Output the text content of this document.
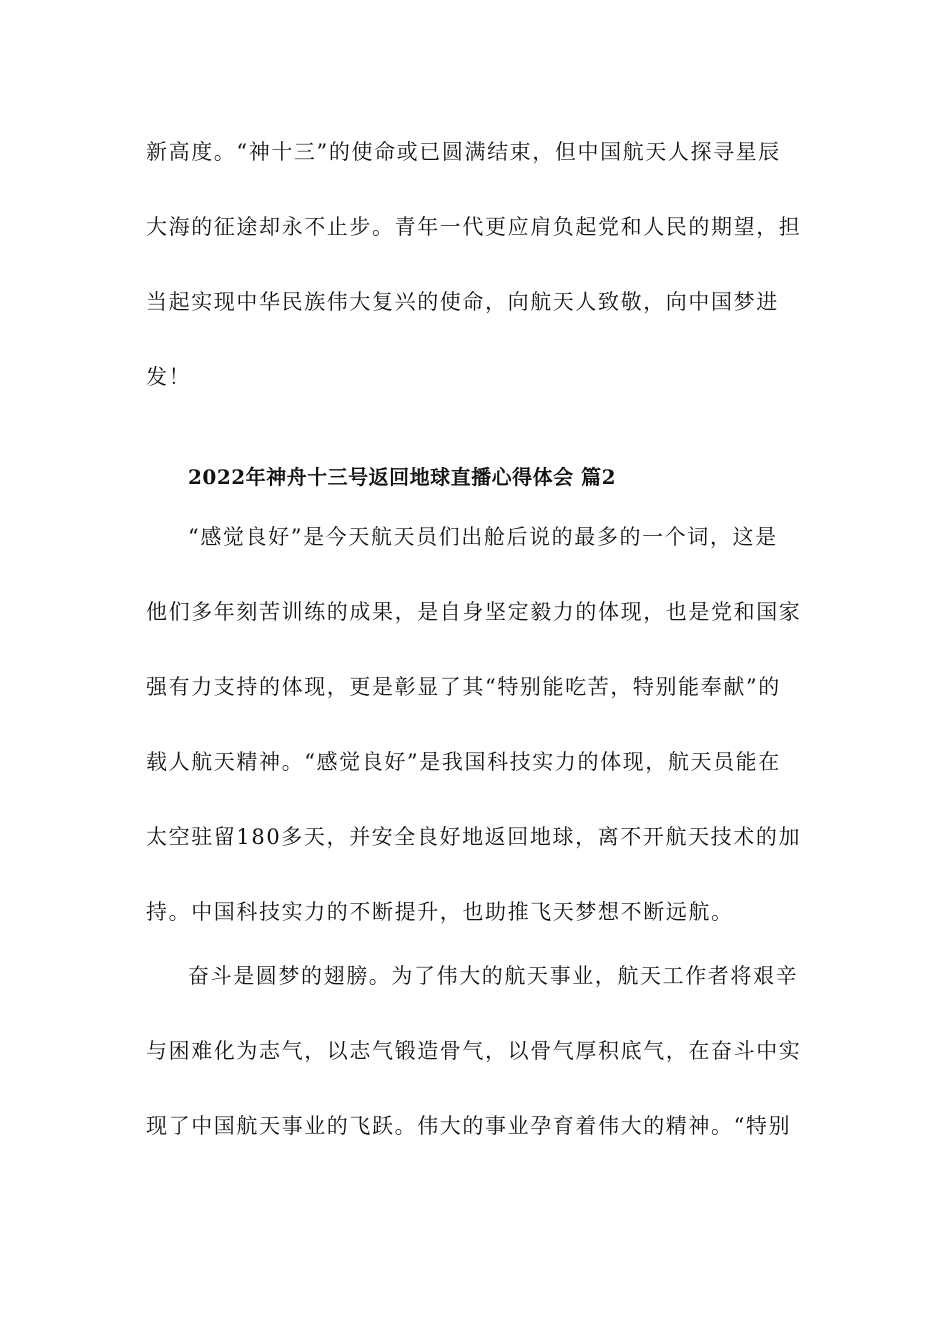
新高度。“神十三”的使命或已圆满结束，但中国航天人探寻星辰
大海的征途却永不止步。青年一代更应肩负起党和人民的期望，担
当起实现中华民族伟大复兴的使命，向航天人致敬，向中国梦进
发！
2022年神舟十三号返回地球直播心得体会 篇2
“感觉良好”是今天航天员们出舱后说的最多的一个词，这是
他们多年刻苦训练的成果，是自身坚定毅力的体现，也是党和国家
强有力支持的体现，更是彰显了其“特别能吃苦，特别能奉献”的
载人航天精神。“感觉良好”是我国科技实力的体现，航天员能在
太空驻留180多天，并安全良好地返回地球，离不开航天技术的加
持。中国科技实力的不断提升，也助推飞天梦想不断远航。
奋斗是圆梦的翅膀。为了伟大的航天事业，航天工作者将艰辛
与困难化为志气，以志气锻造骨气，以骨气厚积底气，在奋斗中实
现了中国航天事业的飞跃。伟大的事业孕育着伟大的精神。“特别
